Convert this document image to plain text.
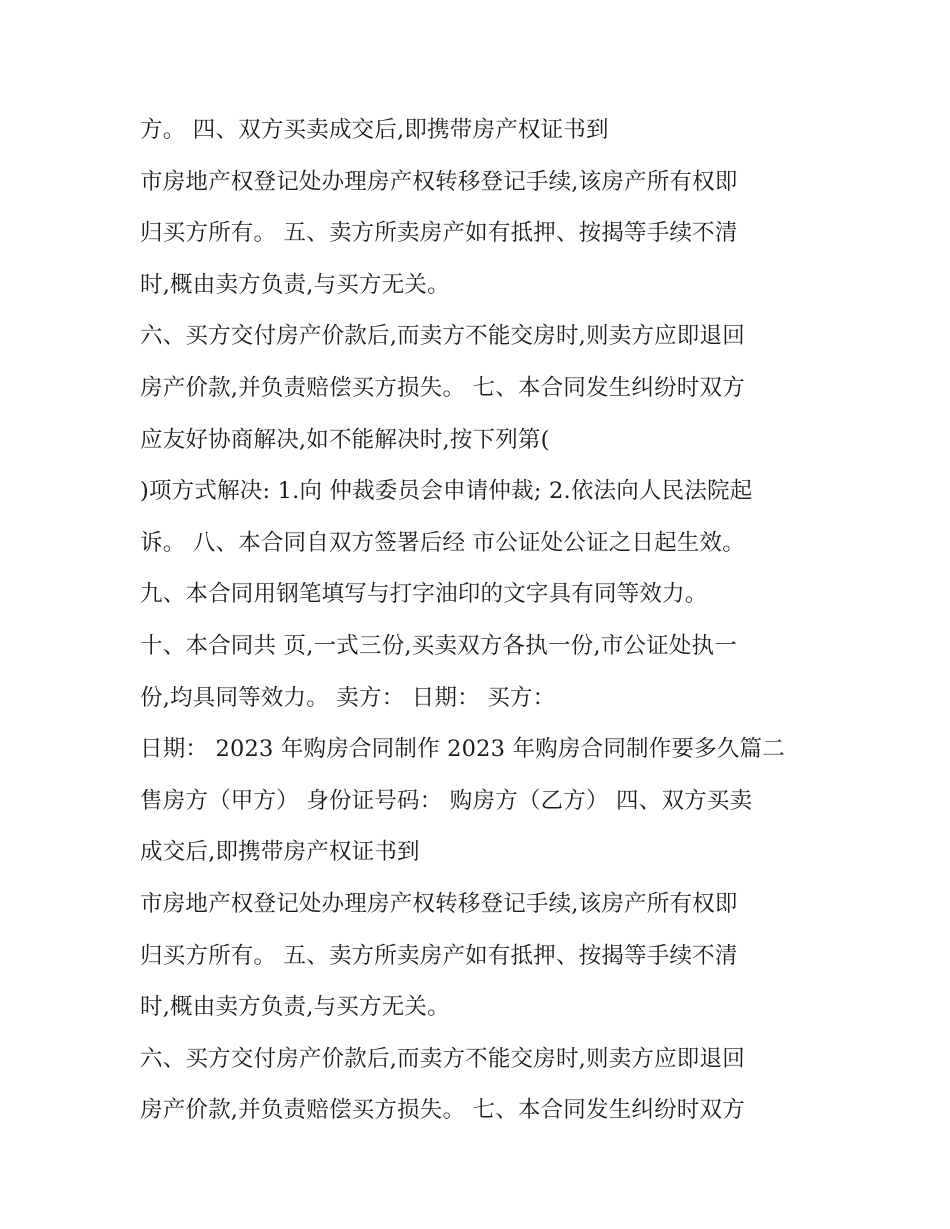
方。 四、双方买卖成交后,即携带房产权证书到
市房地产权登记处办理房产权转移登记手续,该房产所有权即
归买方所有。 五、卖方所卖房产如有抵押、按揭等手续不清
时,概由卖方负责,与买方无关。
六、买方交付房产价款后,而卖方不能交房时,则卖方应即退回
房产价款,并负责赔偿买方损失。 七、本合同发生纠纷时双方
应友好协商解决,如不能解决时,按下列第(
)项方式解决: 1.向 仲裁委员会申请仲裁; 2.依法向人民法院起
诉。 八、本合同自双方签署后经 市公证处公证之日起生效。
九、本合同用钢笔填写与打字油印的文字具有同等效力。
十、本合同共 页,一式三份,买卖双方各执一份,市公证处执一
份,均具同等效力。 卖方： 日期： 买方：
日期： 2023 年购房合同制作 2023 年购房合同制作要多久篇二
售房方（甲方） 身份证号码： 购房方（乙方） 四、双方买卖
成交后,即携带房产权证书到
市房地产权登记处办理房产权转移登记手续,该房产所有权即
归买方所有。 五、卖方所卖房产如有抵押、按揭等手续不清
时,概由卖方负责,与买方无关。
六、买方交付房产价款后,而卖方不能交房时,则卖方应即退回
房产价款,并负责赔偿买方损失。 七、本合同发生纠纷时双方
